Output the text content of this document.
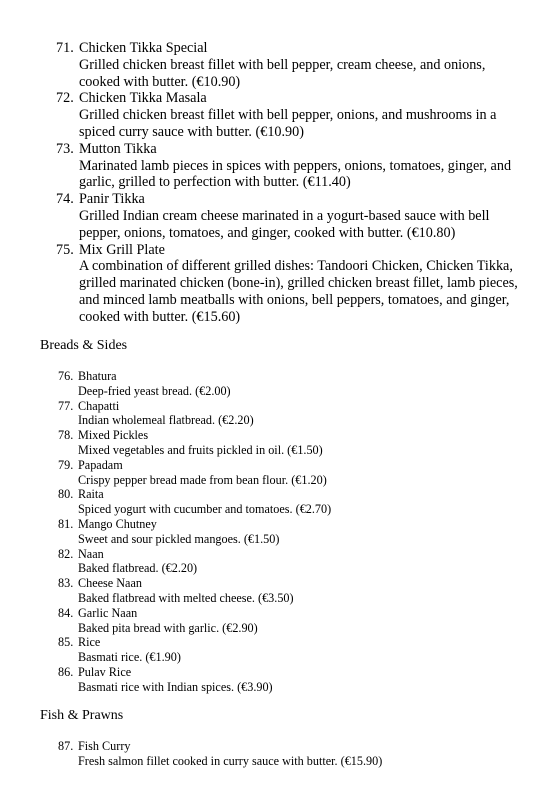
71. Chicken Tikka Special
Grilled chicken breast fillet with bell pepper, cream cheese, and onions, cooked with butter. (€10.90)
72. Chicken Tikka Masala
Grilled chicken breast fillet with bell pepper, onions, and mushrooms in a spiced curry sauce with butter. (€10.90)
73. Mutton Tikka
Marinated lamb pieces in spices with peppers, onions, tomatoes, ginger, and garlic, grilled to perfection with butter. (€11.40)
74. Panir Tikka
Grilled Indian cream cheese marinated in a yogurt-based sauce with bell pepper, onions, tomatoes, and ginger, cooked with butter. (€10.80)
75. Mix Grill Plate
A combination of different grilled dishes: Tandoori Chicken, Chicken Tikka, grilled marinated chicken (bone-in), grilled chicken breast fillet, lamb pieces, and minced lamb meatballs with onions, bell peppers, tomatoes, and ginger, cooked with butter. (€15.60)
Breads & Sides
76. Bhatura
Deep-fried yeast bread. (€2.00)
77. Chapatti
Indian wholemeal flatbread. (€2.20)
78. Mixed Pickles
Mixed vegetables and fruits pickled in oil. (€1.50)
79. Papadam
Crispy pepper bread made from bean flour. (€1.20)
80. Raita
Spiced yogurt with cucumber and tomatoes. (€2.70)
81. Mango Chutney
Sweet and sour pickled mangoes. (€1.50)
82. Naan
Baked flatbread. (€2.20)
83. Cheese Naan
Baked flatbread with melted cheese. (€3.50)
84. Garlic Naan
Baked pita bread with garlic. (€2.90)
85. Rice
Basmati rice. (€1.90)
86. Pulav Rice
Basmati rice with Indian spices. (€3.90)
Fish & Prawns
87. Fish Curry
Fresh salmon fillet cooked in curry sauce with butter. (€15.90)
